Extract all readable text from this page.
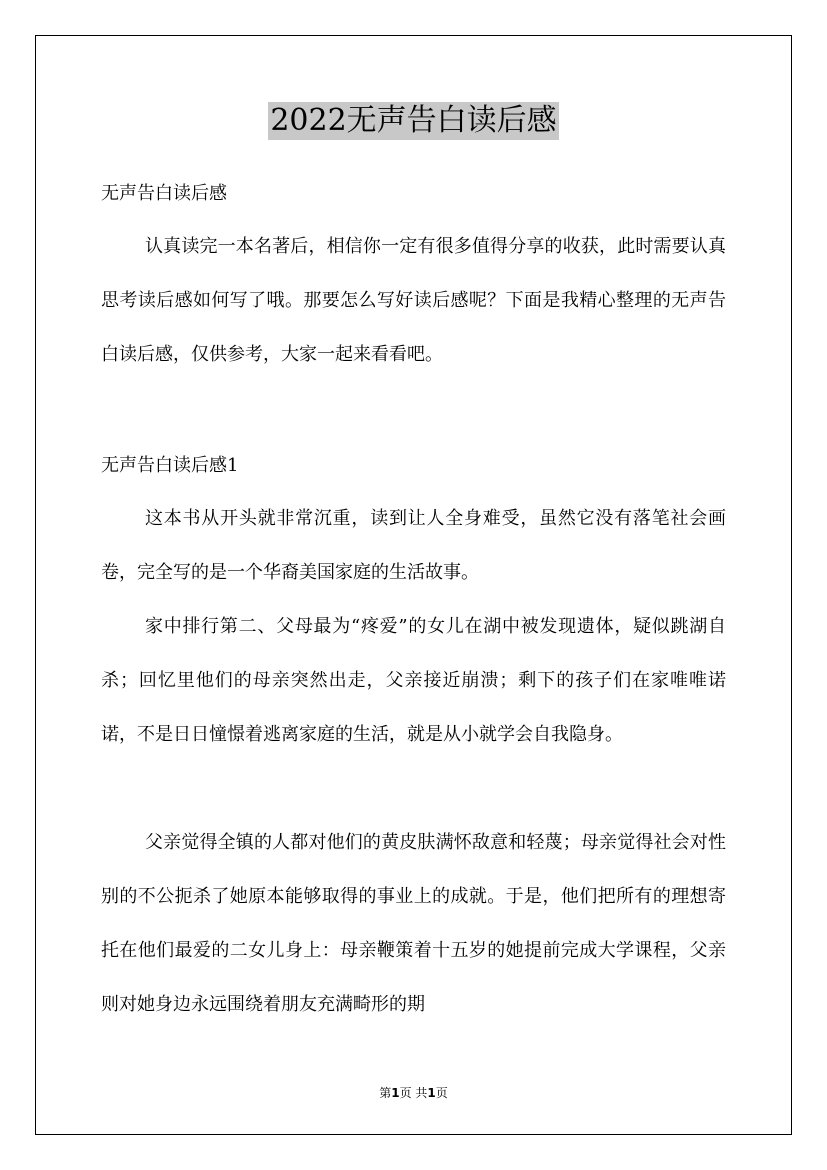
2022无声告白读后感
无声告白读后感

认真读完一本名著后，相信你一定有很多值得分享的收获，此时需要认真思考读后感如何写了哦。那要怎么写好读后感呢？下面是我精心整理的无声告白读后感，仅供参考，大家一起来看看吧。

无声告白读后感1

这本书从开头就非常沉重，读到让人全身难受，虽然它没有落笔社会画卷，完全写的是一个华裔美国家庭的生活故事。

家中排行第二、父母最为“疼爱”的女儿在湖中被发现遗体，疑似跳湖自杀；回忆里他们的母亲突然出走，父亲接近崩溃；剩下的孩子们在家唯唯诺诺，不是日日憧憬着逃离家庭的生活，就是从小就学会自我隐身。

父亲觉得全镇的人都对他们的黄皮肤满怀敌意和轻蔑；母亲觉得社会对性别的不公扼杀了她原本能够取得的事业上的成就。于是，他们把所有的理想寄托在他们最爱的二女儿身上：母亲鞭策着十五岁的她提前完成大学课程，父亲则对她身边永远围绕着朋友充满畸形的期

第1页 共1页
